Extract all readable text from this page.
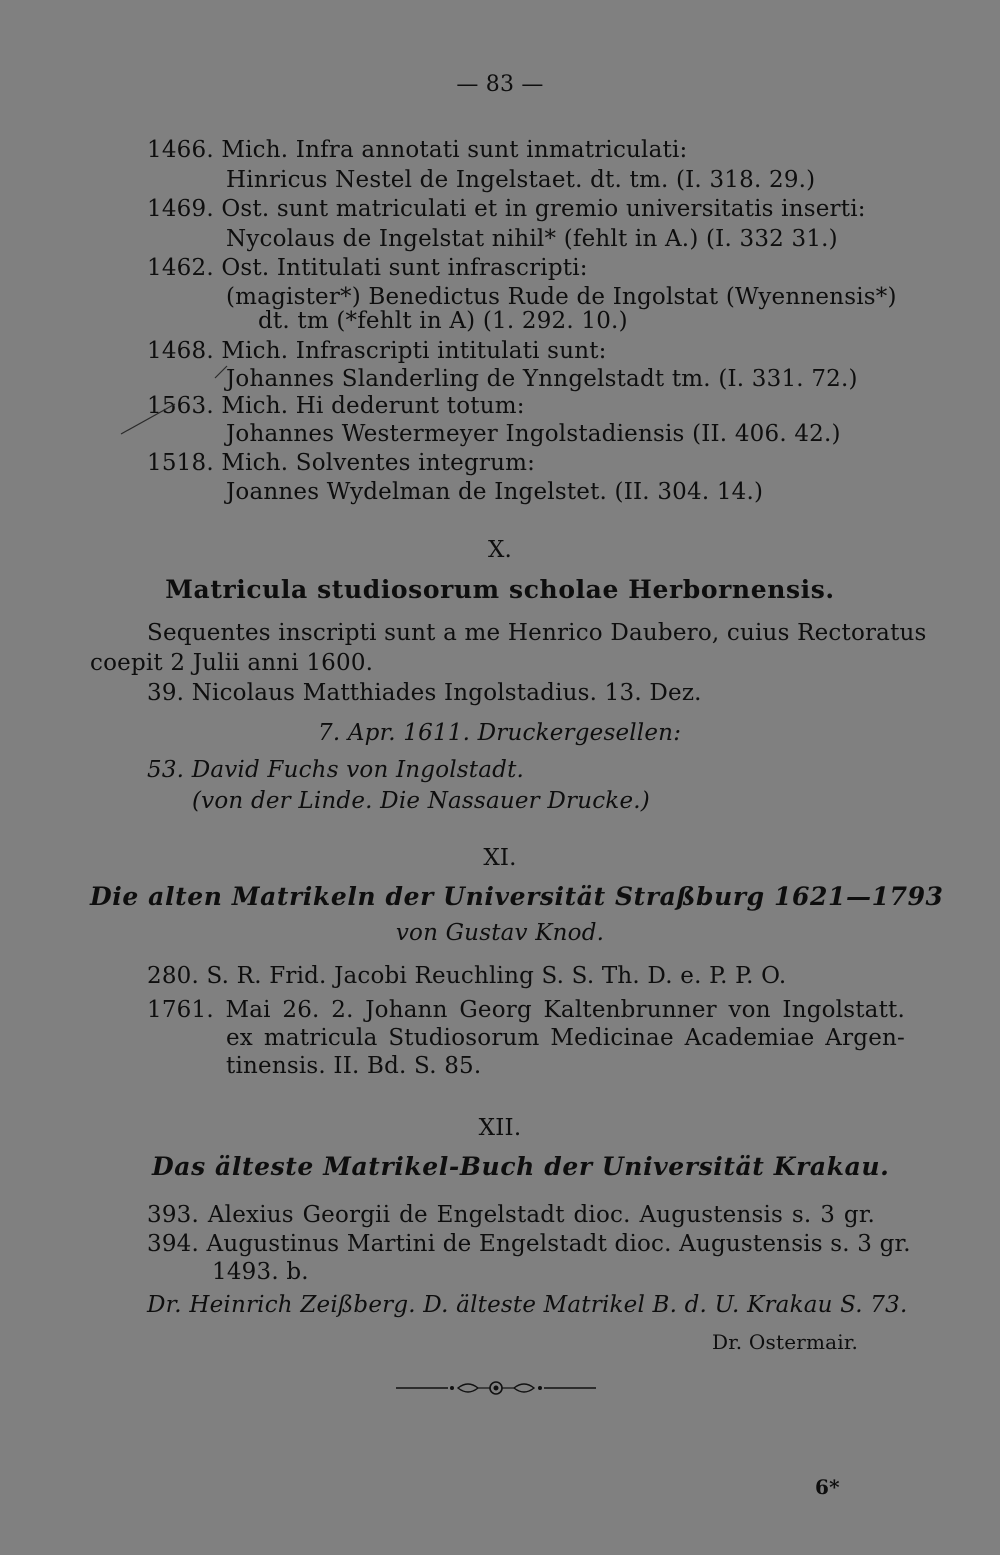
— 83 —
1466. Mich. Infra annotati sunt inmatriculati:
Hinricus Nestel de Ingelstaet. dt. tm. (I. 318. 29.)
1469. Ost. sunt matriculati et in gremio universitatis inserti:
Nycolaus de Ingelstat nihil* (fehlt in A.) (I. 332 31.)
1462. Ost. Intitulati sunt infrascripti:
(magister*) Benedictus Rude de Ingolstat (Wyennensis*)
dt. tm (*fehlt in A) (1. 292. 10.)
1468. Mich. Infrascripti intitulati sunt:
Johannes Slanderling de Ynngelstadt tm. (I. 331. 72.)
1563. Mich. Hi dederunt totum:
Johannes Westermeyer Ingolstadiensis (II. 406. 42.)
1518. Mich. Solventes integrum:
Joannes Wydelman de Ingelstet. (II. 304. 14.)
X.
Matricula studiosorum scholae Herbornensis.
Sequentes inscripti sunt a me Henrico Daubero, cuius Rectoratus
coepit 2 Julii anni 1600.
39. Nicolaus Matthiades Ingolstadius. 13. Dez.
7. Apr. 1611. Druckergesellen:
53. David Fuchs von Ingolstadt.
(von der Linde. Die Nassauer Drucke.)
XI.
Die alten Matrikeln der Universität Straßburg 1621—1793
von Gustav Knod.
280. S. R. Frid. Jacobi Reuchling S. S. Th. D. e. P. P. O.
1761. Mai 26. 2. Johann Georg Kaltenbrunner von Ingolstatt.
ex matricula Studiosorum Medicinae Academiae Argen-
tinensis. II. Bd. S. 85.
XII.
Das älteste Matrikel-Buch der Universität Krakau.
393. Alexius Georgii de Engelstadt dioc. Augustensis s. 3 gr.
394. Augustinus Martini de Engelstadt dioc. Augustensis s. 3 gr.
1493. b.
Dr. Heinrich Zeißberg. D. älteste Matrikel B. d. U. Krakau S. 73.
Dr. Ostermair.
6*
